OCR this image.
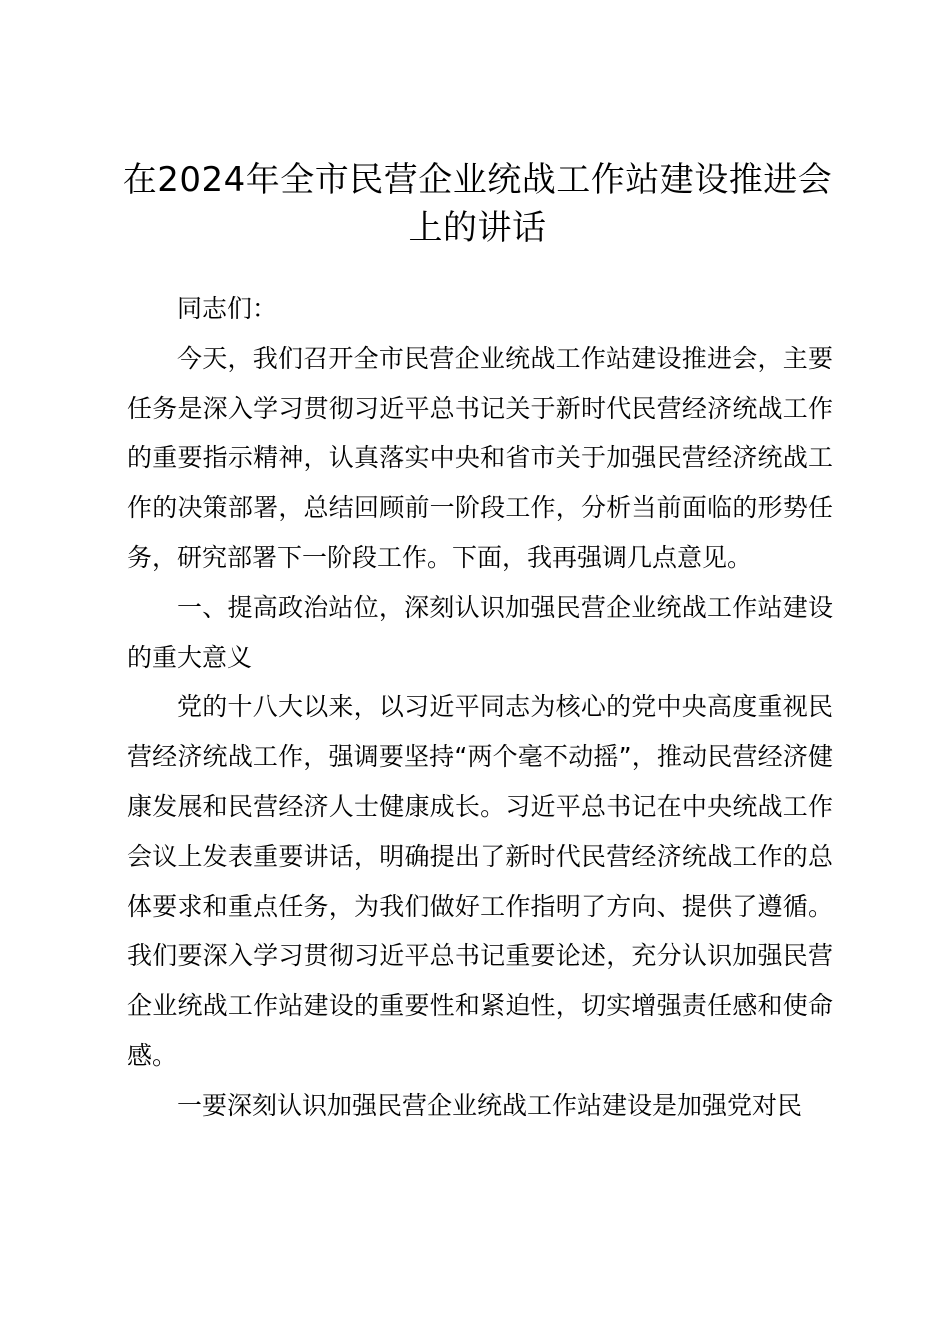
在2024年全市民营企业统战工作站建设推进会上的讲话

同志们：

今天，我们召开全市民营企业统战工作站建设推进会，主要任务是深入学习贯彻习近平总书记关于新时代民营经济统战工作的重要指示精神，认真落实中央和省市关于加强民营经济统战工作的决策部署，总结回顾前一阶段工作，分析当前面临的形势任务，研究部署下一阶段工作。下面，我再强调几点意见。

一、提高政治站位，深刻认识加强民营企业统战工作站建设的重大意义

党的十八大以来，以习近平同志为核心的党中央高度重视民营经济统战工作，强调要坚持“两个毫不动摇”，推动民营经济健康发展和民营经济人士健康成长。习近平总书记在中央统战工作会议上发表重要讲话，明确提出了新时代民营经济统战工作的总体要求和重点任务，为我们做好工作指明了方向、提供了遵循。我们要深入学习贯彻习近平总书记重要论述，充分认识加强民营企业统战工作站建设的重要性和紧迫性，切实增强责任感和使命感。

一要深刻认识加强民营企业统战工作站建设是加强党对民
